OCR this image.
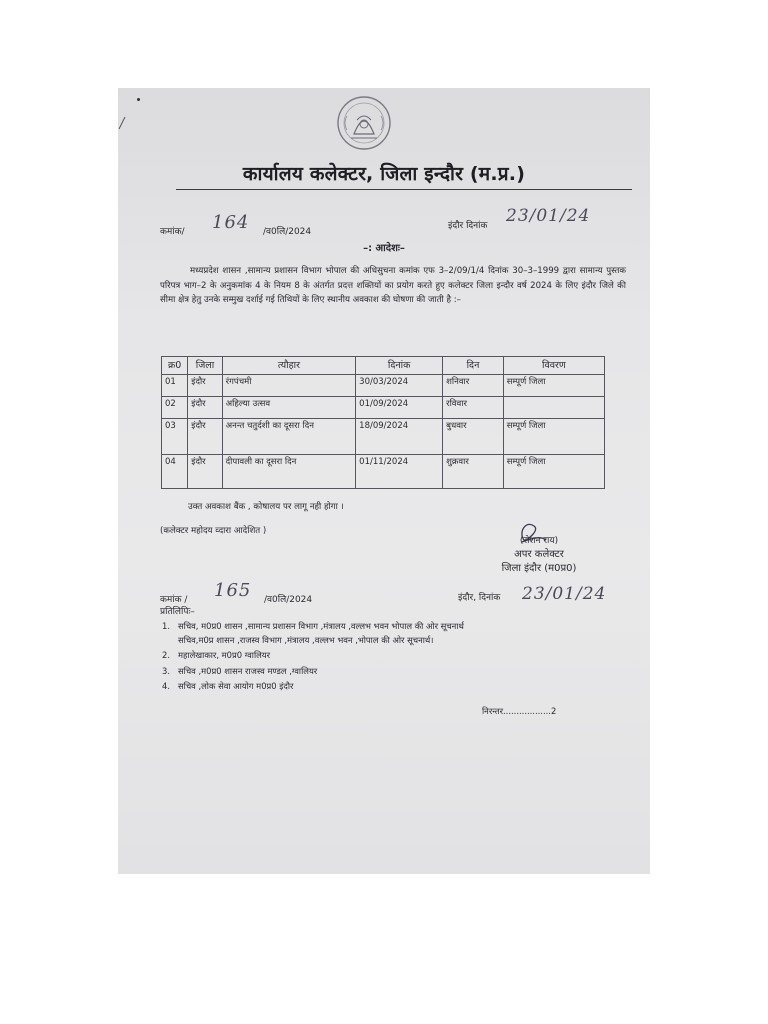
कार्यालय कलेक्टर, जिला इन्दौर (म.प्र.)
कमांक/ 164 /व0लि/2024
इंदौर दिनांक 23/01/24
–: आदेशः–
मध्यप्रदेश शासन ,सामान्य प्रशासन विभाग भोपाल की अधिसुचना कमांक एफ 3–2/09/1/4 दिनांक 30–3–1999 द्वारा सामान्य पुस्तक परिपत्र भाग–2 के अनुकमांक 4 के नियम 8 के अंतर्गत प्रदत्त शक्तियों का प्रयोग करते हुए कलेक्टर जिला इन्दौर वर्ष 2024 के लिए इंदौर जिले की सीमा क्षेत्र हेतु उनके सम्मुख दर्शाई गई तिथियों के लिए स्थानीय अवकाश की घोषणा की जाती है :–
क्र0	जिला	त्यौहार	दिनांक	दिन	विवरण
01	इंदौर	रंगपंचमी	30/03/2024	शनिवार	सम्पूर्ण जिला
02	इंदौर	अहिल्या उत्सव	01/09/2024	रविवार	
03	इंदौर	अनन्त चतुर्दशी का दूसरा दिन	18/09/2024	बुधवार	सम्पूर्ण जिला
04	इंदौर	दीपावली का दूसरा दिन	01/11/2024	शुक्रवार	सम्पूर्ण जिला
उक्त अवकाश बैंक , कोषालय पर लागू नही होगा ।
(कलेक्टर महोदय व्दारा आदेशित )
(रोशन राय)
अपर कलेक्टर
जिला इंदौर (म0प्र0)
कमांक / 165 /व0लि/2024	इंदौर, दिनांक 23/01/24
प्रतिलिपिः–
1. सचिव, म0प्र0 शासन ,सामान्य प्रशासन विभाग ,मंत्रालय ,वल्लभ भवन भोपाल की ओर सूचनार्थ
सचिव,म0प्र शासन ,राजस्व विभाग ,मंत्रालय ,वल्लभ भवन ,भोपाल की ओर सूचनार्थ।
2. महालेखाकार, म0प्र0 ग्वालियर
3. सचिव ,म0प्र0 शासन राजस्व मण्डल ,ग्वालियर
4. सचिव ,लोक सेवा आयोग म0प्र0 इंदौर
निरन्तर..................2
